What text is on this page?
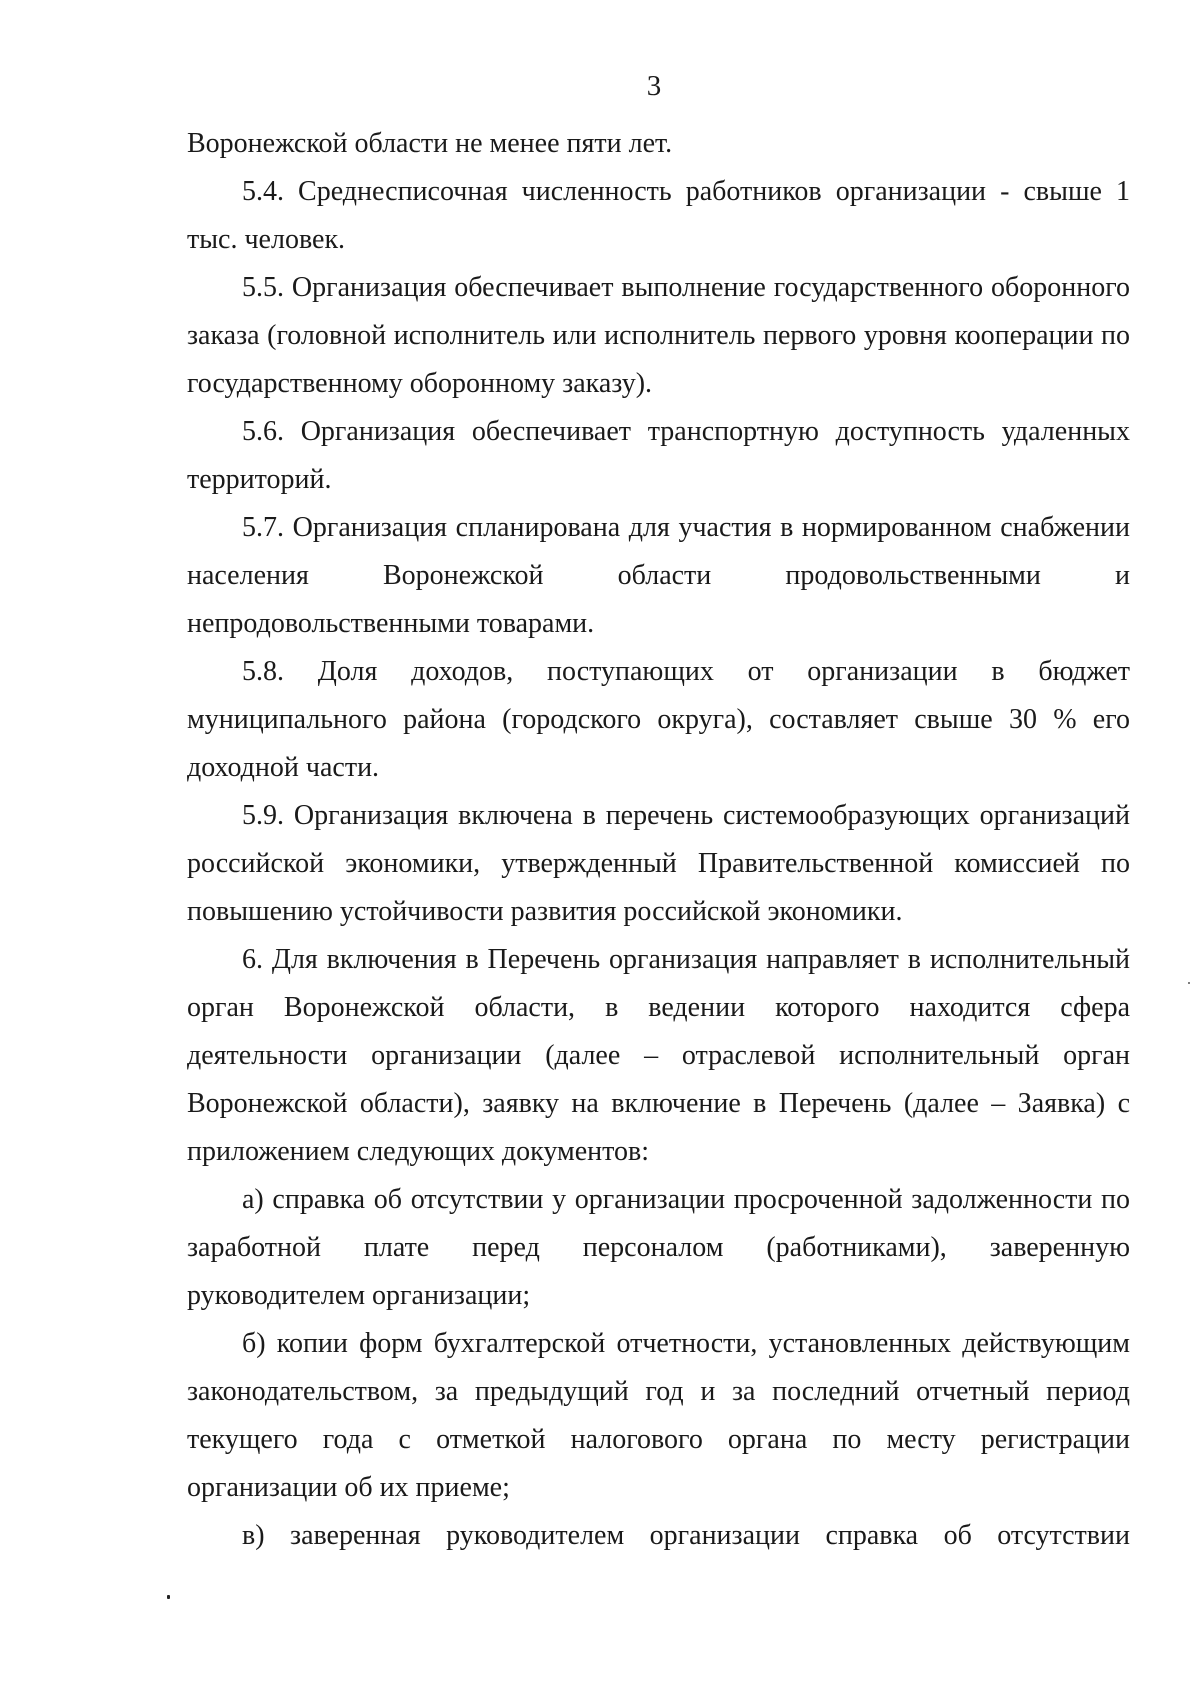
3

Воронежской области не менее пяти лет.

5.4. Среднесписочная численность работников организации - свыше 1 тыс. человек.

5.5. Организация обеспечивает выполнение государственного оборонного заказа (головной исполнитель или исполнитель первого уровня кооперации по государственному оборонному заказу).

5.6. Организация обеспечивает транспортную доступность удаленных территорий.

5.7. Организация спланирована для участия в нормированном снабжении населения Воронежской области продовольственными и непродовольственными товарами.

5.8. Доля доходов, поступающих от организации в бюджет муниципального района (городского округа), составляет свыше 30 % его доходной части.

5.9. Организация включена в перечень системообразующих организаций российской экономики, утвержденный Правительственной комиссией по повышению устойчивости развития российской экономики.

6. Для включения в Перечень организация направляет в исполнительный орган Воронежской области, в ведении которого находится сфера деятельности организации (далее – отраслевой исполнительный орган Воронежской области), заявку на включение в Перечень (далее – Заявка) с приложением следующих документов:

а) справка об отсутствии у организации просроченной задолженности по заработной плате перед персоналом (работниками), заверенную руководителем организации;

б) копии форм бухгалтерской отчетности, установленных действующим законодательством, за предыдущий год и за последний отчетный период текущего года с отметкой налогового органа по месту регистрации организации об их приеме;

в) заверенная руководителем организации справка об отсутствии
